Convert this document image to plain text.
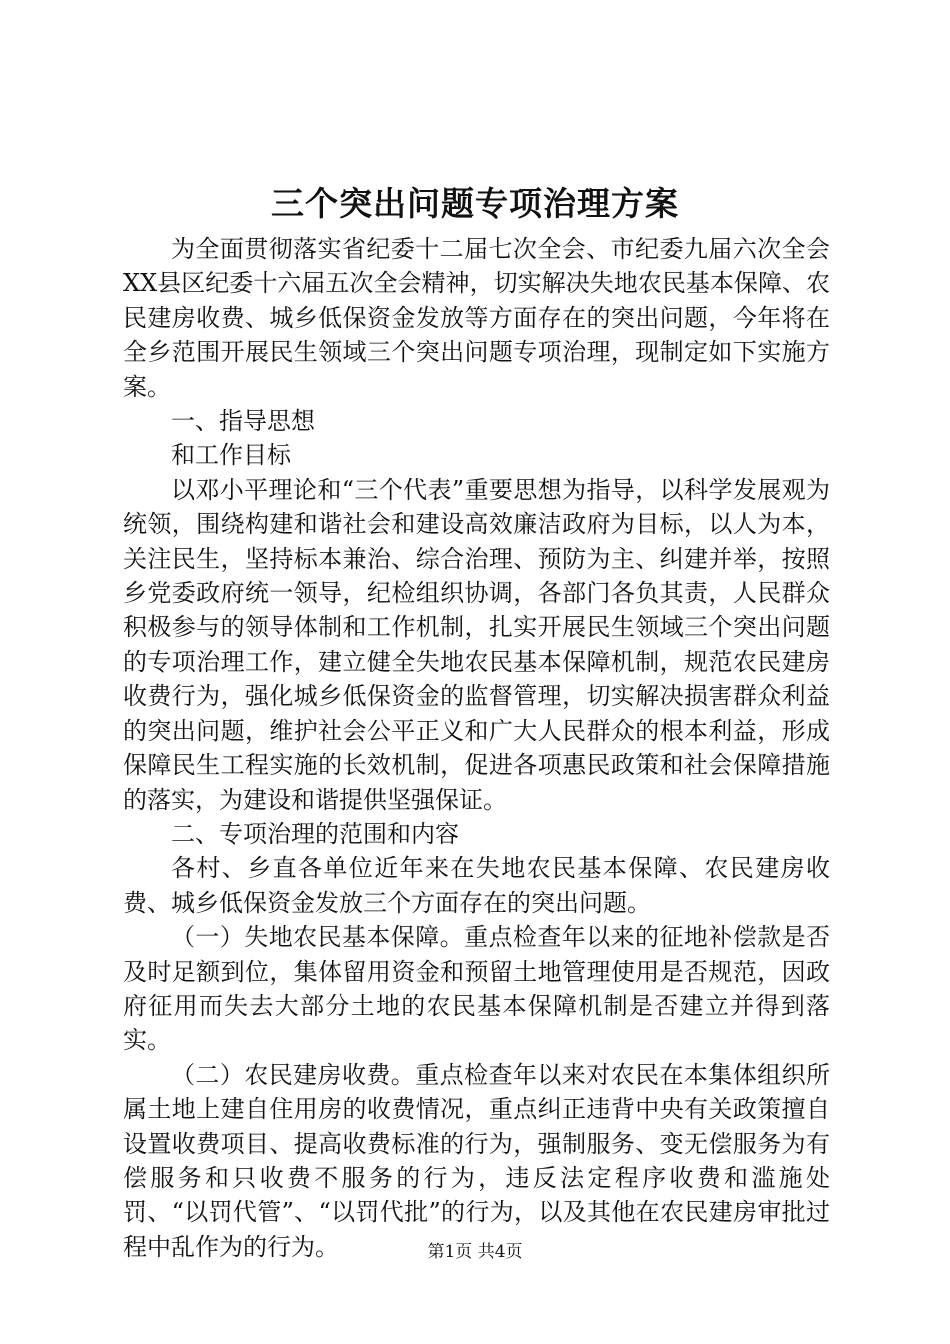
三个突出问题专项治理方案

为全面贯彻落实省纪委十二届七次全会、市纪委九届六次全会XX县区纪委十六届五次全会精神，切实解决失地农民基本保障、农民建房收费、城乡低保资金发放等方面存在的突出问题，今年将在全乡范围开展民生领域三个突出问题专项治理，现制定如下实施方案。

一、指导思想

和工作目标

以邓小平理论和“三个代表”重要思想为指导，以科学发展观为统领，围绕构建和谐社会和建设高效廉洁政府为目标，以人为本，关注民生，坚持标本兼治、综合治理、预防为主、纠建并举，按照乡党委政府统一领导，纪检组织协调，各部门各负其责，人民群众积极参与的领导体制和工作机制，扎实开展民生领域三个突出问题的专项治理工作，建立健全失地农民基本保障机制，规范农民建房收费行为，强化城乡低保资金的监督管理，切实解决损害群众利益的突出问题，维护社会公平正义和广大人民群众的根本利益，形成保障民生工程实施的长效机制，促进各项惠民政策和社会保障措施的落实，为建设和谐提供坚强保证。

二、专项治理的范围和内容

各村、乡直各单位近年来在失地农民基本保障、农民建房收费、城乡低保资金发放三个方面存在的突出问题。

（一）失地农民基本保障。重点检查年以来的征地补偿款是否及时足额到位，集体留用资金和预留土地管理使用是否规范，因政府征用而失去大部分土地的农民基本保障机制是否建立并得到落实。

（二）农民建房收费。重点检查年以来对农民在本集体组织所属土地上建自住用房的收费情况，重点纠正违背中央有关政策擅自设置收费项目、提高收费标准的行为，强制服务、变无偿服务为有偿服务和只收费不服务的行为，违反法定程序收费和滥施处罚、“以罚代管”、“以罚代批”的行为，以及其他在农民建房审批过程中乱作为的行为。	第1页 共4页
